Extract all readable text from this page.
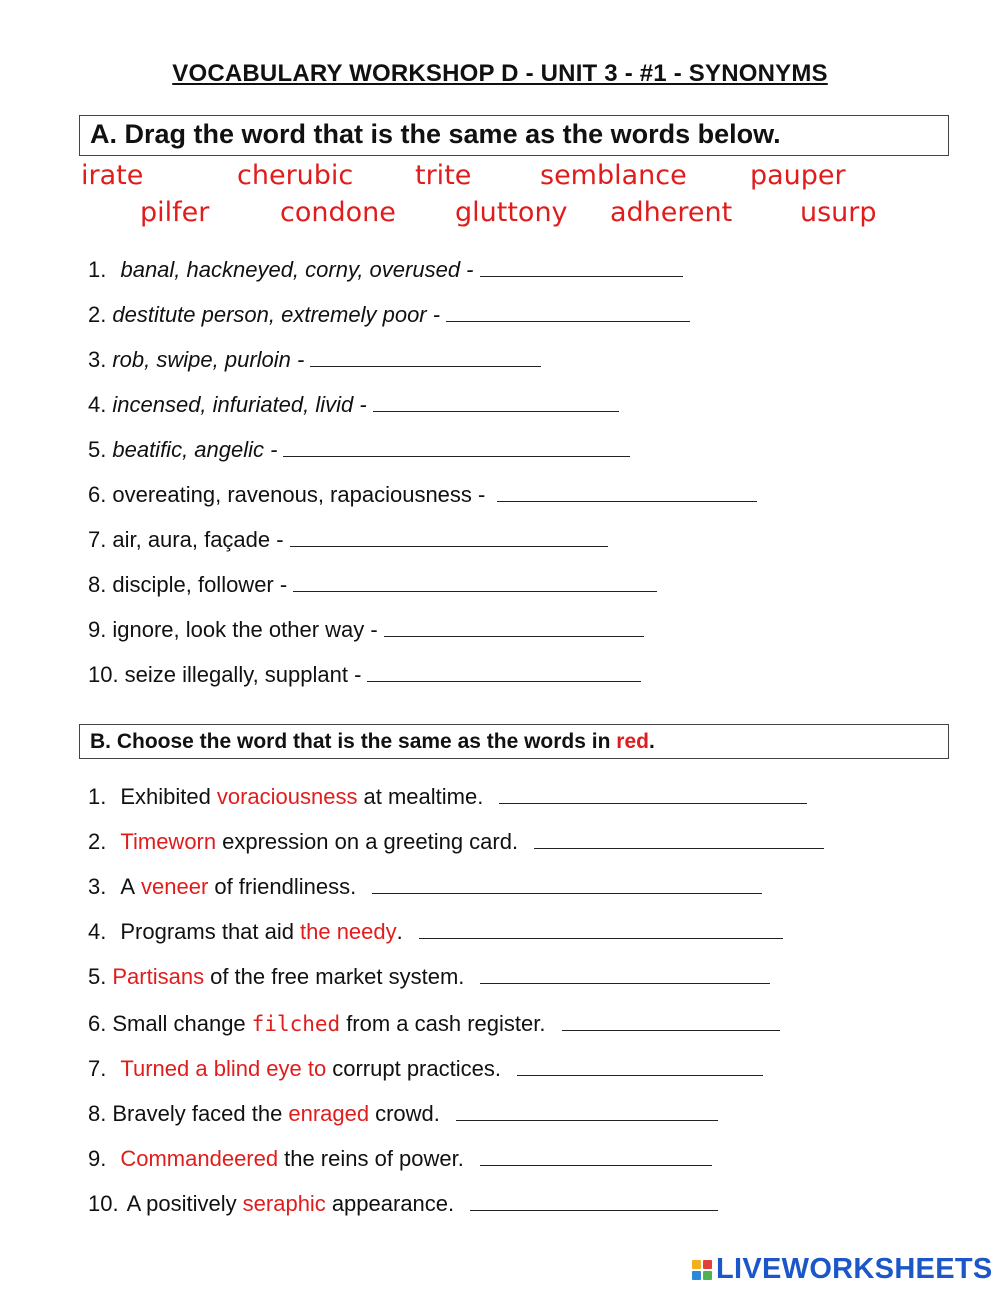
VOCABULARY WORKSHOP D - UNIT 3 - #1 - SYNONYMS
A. Drag the word that is the same as the words below.
irate	cherubic trite	semblance pauper
pilfer	condone gluttony adherent	usurp
1. banal, hackneyed, corny, overused -
2. destitute person, extremely poor -
3. rob, swipe, purloin -
4. incensed, infuriated, livid -
5. beatific, angelic -
6. overeating, ravenous, rapaciousness -
7. air, aura, façade -
8. disciple, follower -
9. ignore, look the other way -
10. seize illegally, supplant -
B. Choose the word that is the same as the words in red.
1. Exhibited voraciousness at mealtime.
2. Timeworn expression on a greeting card.
3. A veneer of friendliness.
4. Programs that aid the needy .
5. Partisans of the free market system.
6. Small change filched from a cash register.
7. Turned a blind eye to corrupt practices.
8. Bravely faced the enraged crowd.
9. Commandeered the reins of power.
10. A positively seraphic appearance.
LIVEWORKSHEETS
